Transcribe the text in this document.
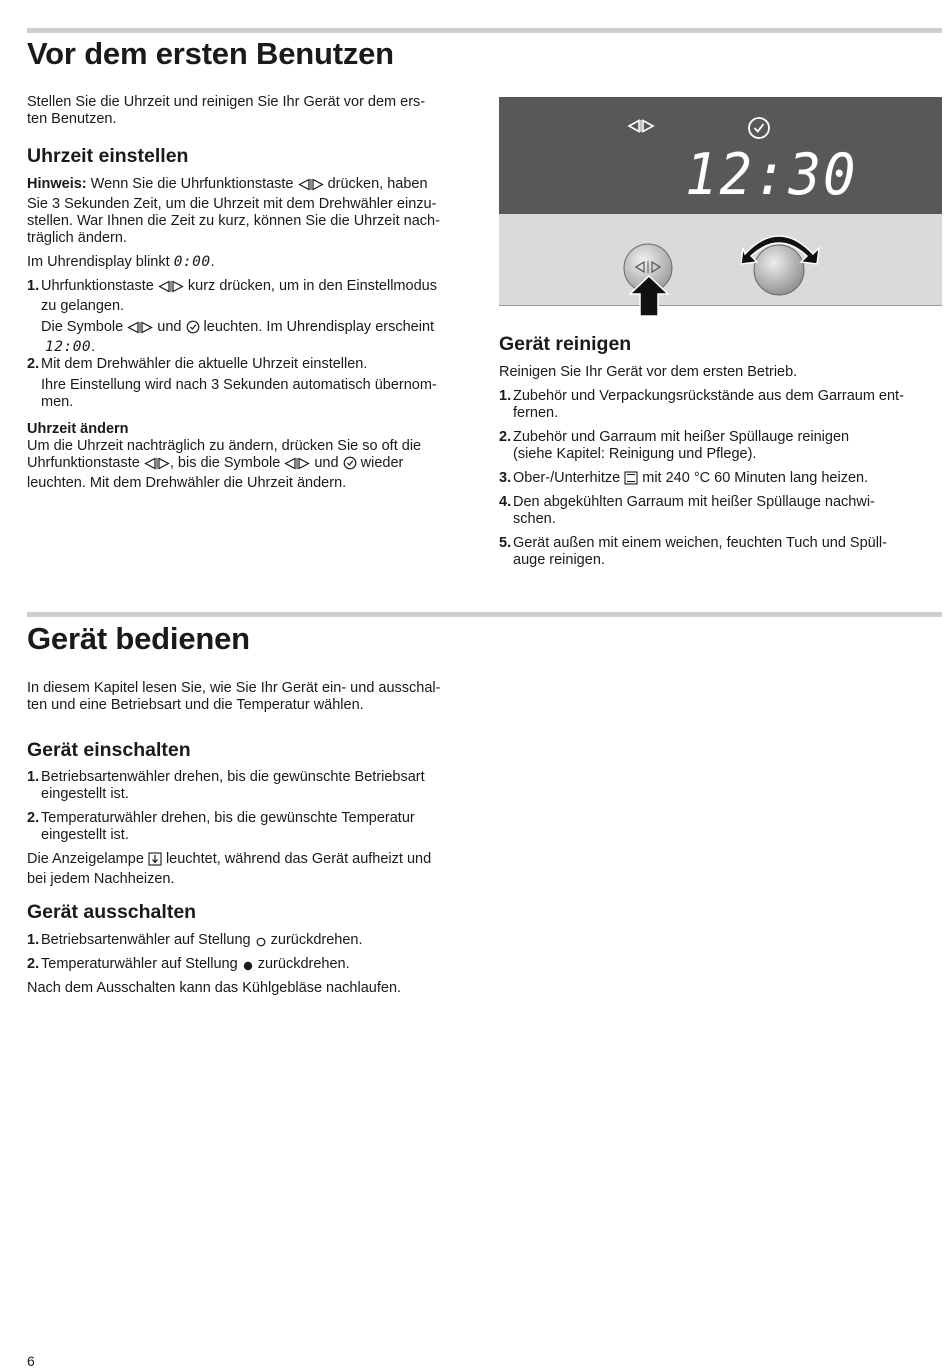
Vor dem ersten Benutzen

Stellen Sie die Uhrzeit und reinigen Sie Ihr Gerät vor dem ers-
ten Benutzen.

Uhrzeit einstellen
Hinweis: Wenn Sie die Uhrfunktionstaste drücken, haben
Sie 3 Sekunden Zeit, um die Uhrzeit mit dem Drehwähler einzu-
stellen. War Ihnen die Zeit zu kurz, können Sie die Uhrzeit nach-
träglich ändern.
Im Uhrendisplay blinkt 0:00.
1. Uhrfunktionstaste kurz drücken, um in den Einstellmodus
zu gelangen.
Die Symbole und leuchten. Im Uhrendisplay erscheint
12:00.
2. Mit dem Drehwähler die aktuelle Uhrzeit einstellen.
Ihre Einstellung wird nach 3 Sekunden automatisch übernom-
men.
Uhrzeit ändern
Um die Uhrzeit nachträglich zu ändern, drücken Sie so oft die
Uhrfunktionstaste , bis die Symbole und wieder
leuchten. Mit dem Drehwähler die Uhrzeit ändern.
12:30
Gerät reinigen

Reinigen Sie Ihr Gerät vor dem ersten Betrieb.

1. Zubehör und Verpackungsrückstände aus dem Garraum ent-
fernen.
2. Zubehör und Garraum mit heißer Spüllauge reinigen
(siehe Kapitel: Reinigung und Pflege).
3. Ober-/Unterhitze mit 240 °C 60 Minuten lang heizen.
4. Den abgekühlten Garraum mit heißer Spüllauge nachwi-
schen.
5. Gerät außen mit einem weichen, feuchten Tuch und Spüll-
auge reinigen.
Gerät bedienen

In diesem Kapitel lesen Sie, wie Sie Ihr Gerät ein- und ausschal-
ten und eine Betriebsart und die Temperatur wählen.

Gerät einschalten
1. Betriebsartenwähler drehen, bis die gewünschte Betriebsart
eingestellt ist.
2. Temperaturwähler drehen, bis die gewünschte Temperatur
eingestellt ist.
Die Anzeigelampe leuchtet, während das Gerät aufheizt und
bei jedem Nachheizen.
Gerät ausschalten
1. Betriebsartenwähler auf Stellung zurückdrehen.
2. Temperaturwähler auf Stellung zurückdrehen.

Nach dem Ausschalten kann das Kühlgebläse nachlaufen.

6
